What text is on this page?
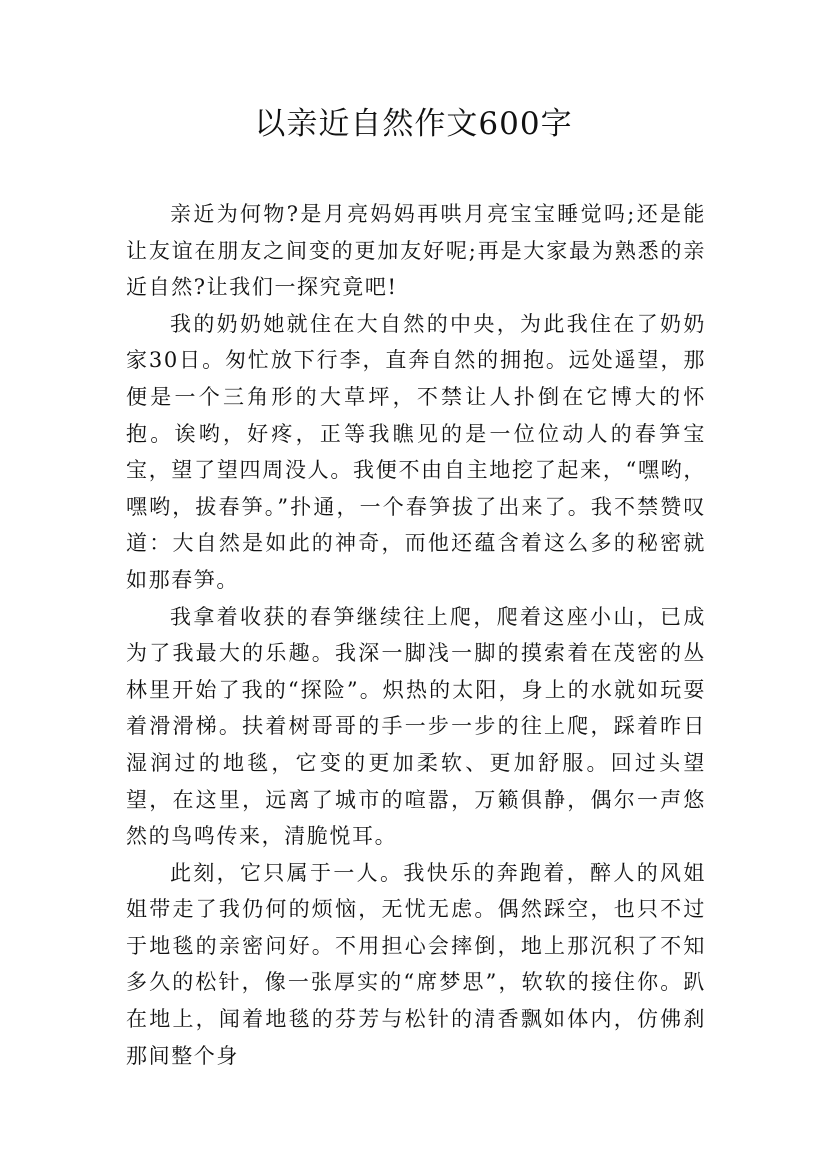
以亲近自然作文600字

亲近为何物?是月亮妈妈再哄月亮宝宝睡觉吗;还是能让友谊在朋友之间变的更加友好呢;再是大家最为熟悉的亲近自然?让我们一探究竟吧!

我的奶奶她就住在大自然的中央，为此我住在了奶奶家30日。匆忙放下行李，直奔自然的拥抱。远处遥望，那便是一个三角形的大草坪，不禁让人扑倒在它博大的怀抱。诶哟，好疼，正等我瞧见的是一位位动人的春笋宝宝，望了望四周没人。我便不由自主地挖了起来，“嘿哟，嘿哟，拔春笋。”扑通，一个春笋拔了出来了。我不禁赞叹道：大自然是如此的神奇，而他还蕴含着这么多的秘密就如那春笋。

我拿着收获的春笋继续往上爬，爬着这座小山，已成为了我最大的乐趣。我深一脚浅一脚的摸索着在茂密的丛林里开始了我的“探险”。炽热的太阳，身上的水就如玩耍着滑滑梯。扶着树哥哥的手一步一步的往上爬，踩着昨日湿润过的地毯，它变的更加柔软、更加舒服。回过头望望，在这里，远离了城市的喧嚣，万籁俱静，偶尔一声悠然的鸟鸣传来，清脆悦耳。

此刻，它只属于一人。我快乐的奔跑着，醉人的风姐姐带走了我仍何的烦恼，无忧无虑。偶然踩空，也只不过于地毯的亲密问好。不用担心会摔倒，地上那沉积了不知多久的松针，像一张厚实的“席梦思”，软软的接住你。趴在地上，闻着地毯的芬芳与松针的清香飘如体内，仿佛刹那间整个身
